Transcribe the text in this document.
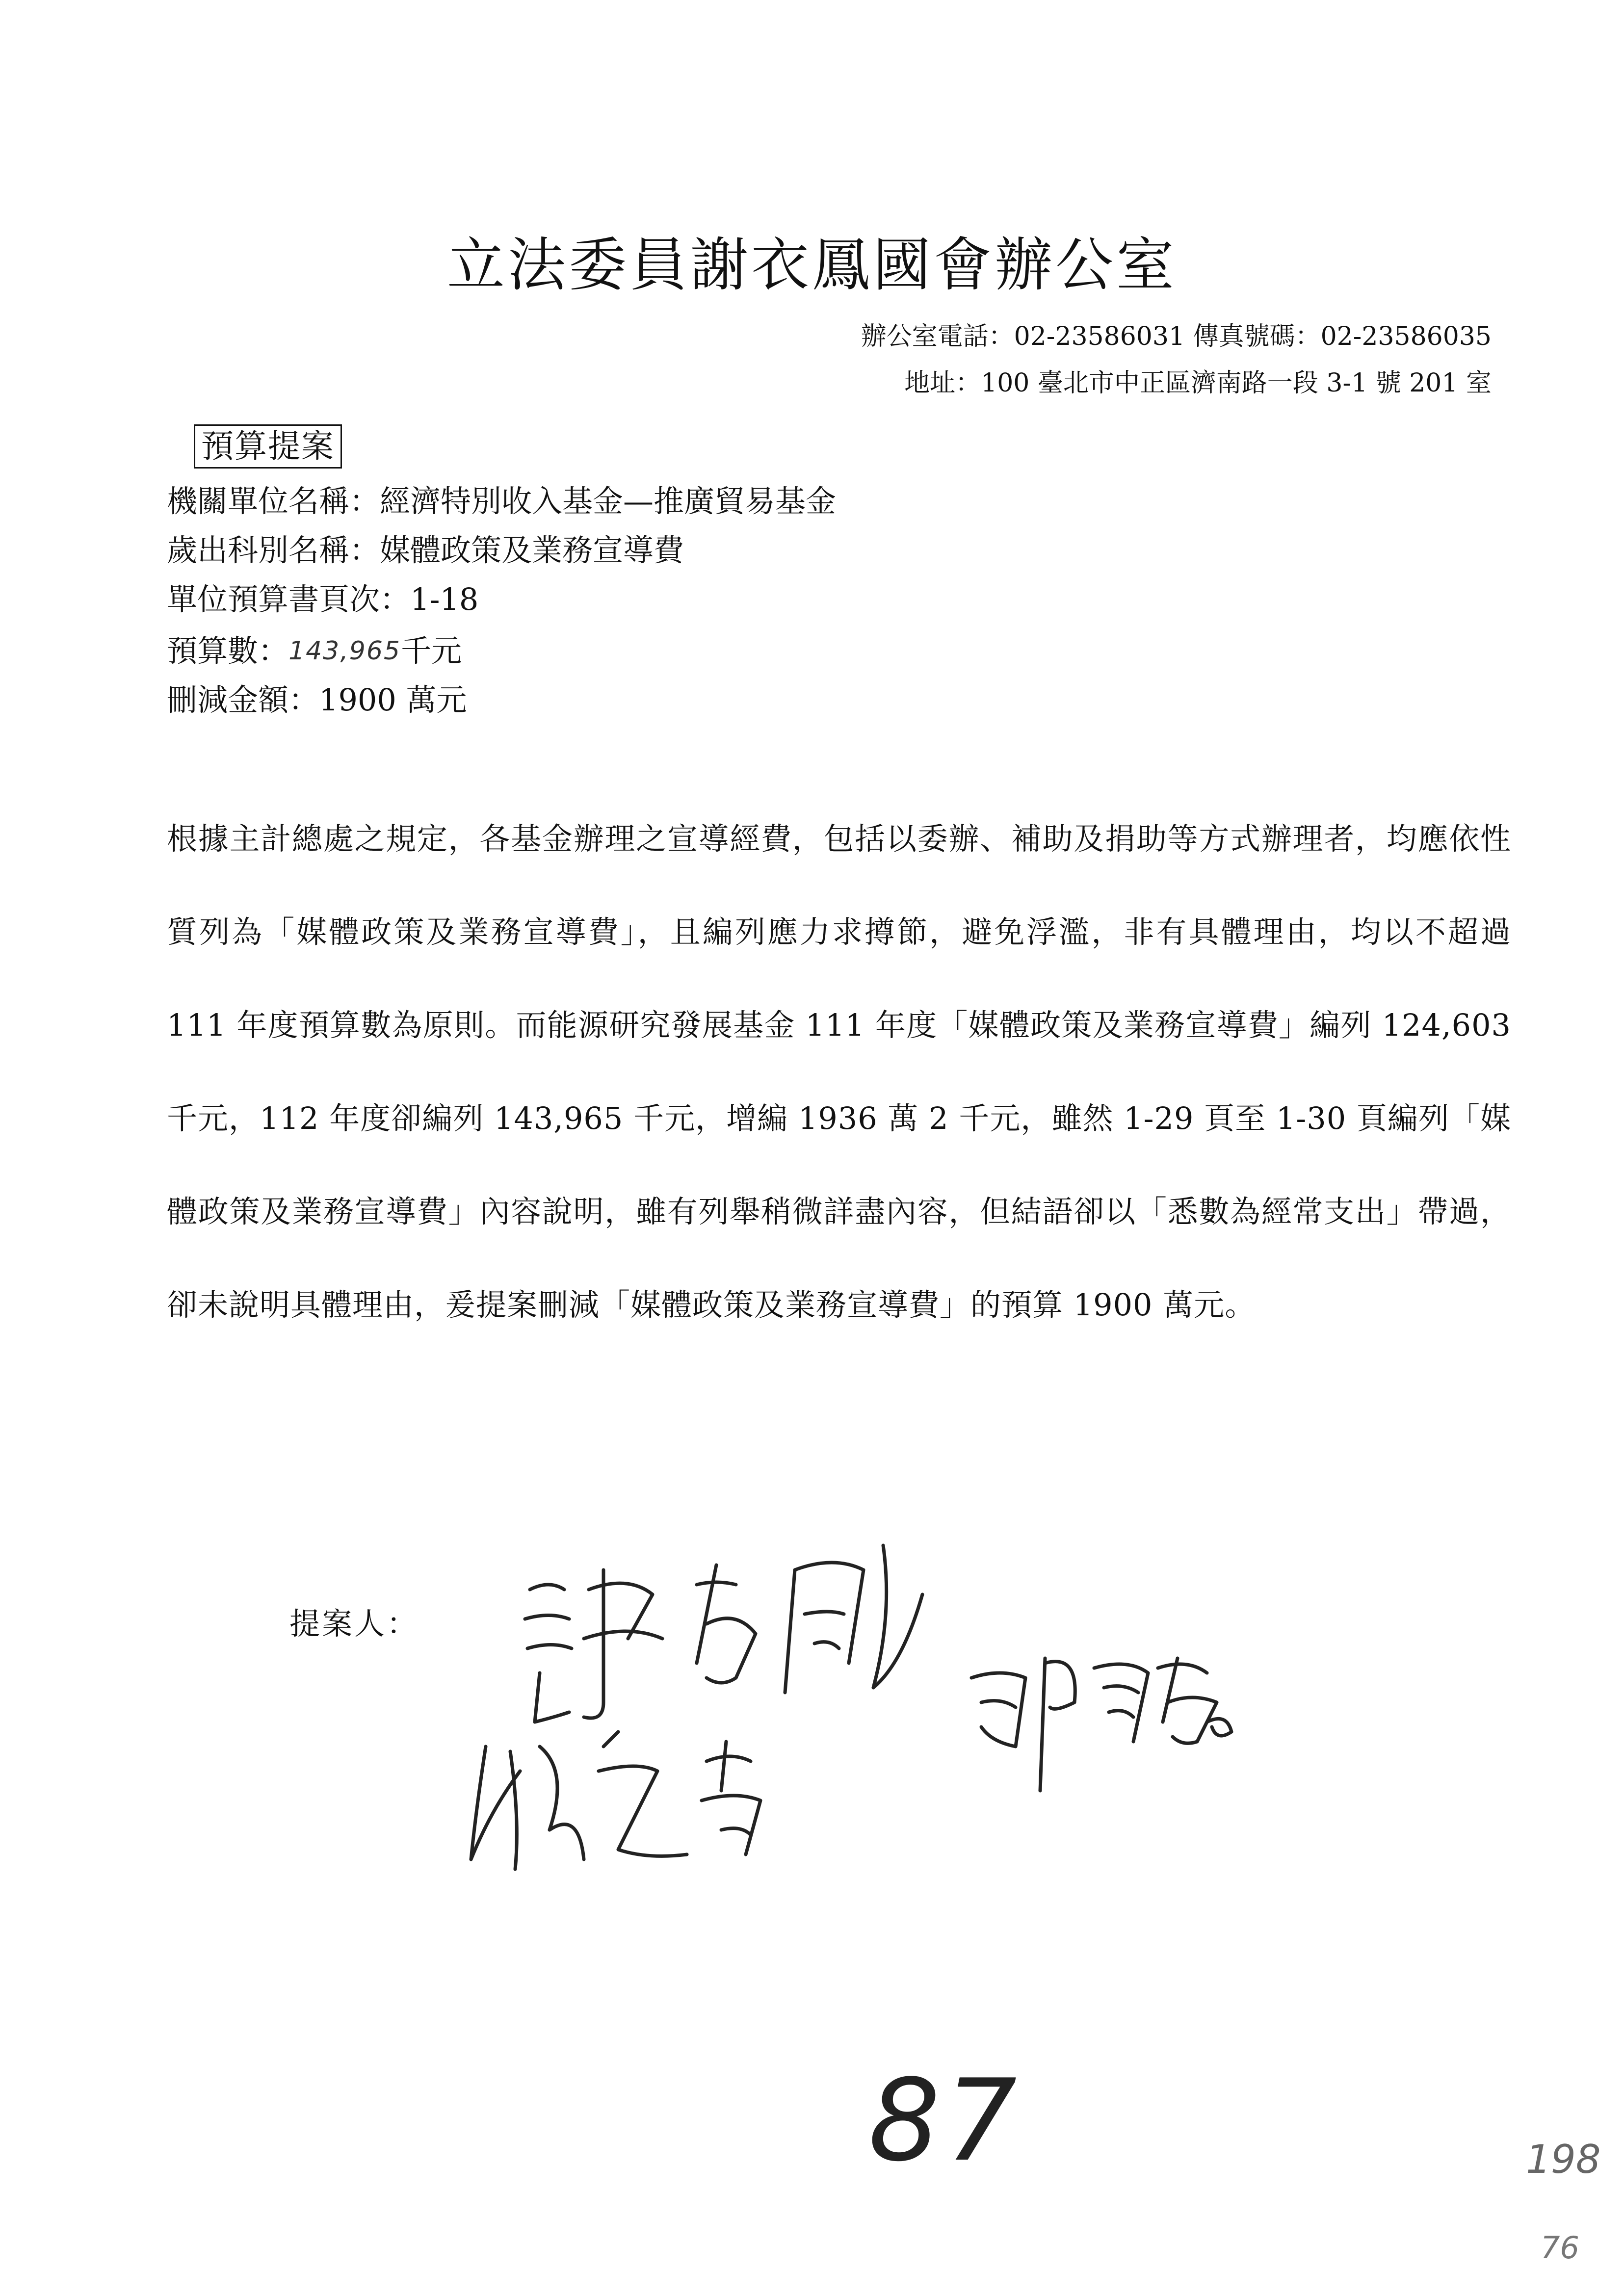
立法委員謝衣鳳國會辦公室
辦公室電話：02-23586031 傳真號碼：02-23586035
地址：100 臺北市中正區濟南路一段 3-1 號 201 室
預算提案
機關單位名稱：經濟特別收入基金—推廣貿易基金
歲出科別名稱：媒體政策及業務宣導費
單位預算書頁次：1-18
預算數：143,965千元
刪減金額：1900 萬元
根據主計總處之規定，各基金辦理之宣導經費，包括以委辦、補助及捐助等方式辦理者，均應依性質列為「媒體政策及業務宣導費」，且編列應力求撙節，避免浮濫，非有具體理由，均以不超過 111 年度預算數為原則。而能源研究發展基金 111 年度「媒體政策及業務宣導費」編列 124,603 千元，112 年度卻編列 143,965 千元，增編 1936 萬 2 千元，雖然 1-29 頁至 1-30 頁編列「媒體政策及業務宣導費」內容說明，雖有列舉稍微詳盡內容，但結語卻以「悉數為經常支出」帶過，卻未說明具體理由，爰提案刪減「媒體政策及業務宣導費」的預算 1900 萬元。
提案人：
87	198
76
